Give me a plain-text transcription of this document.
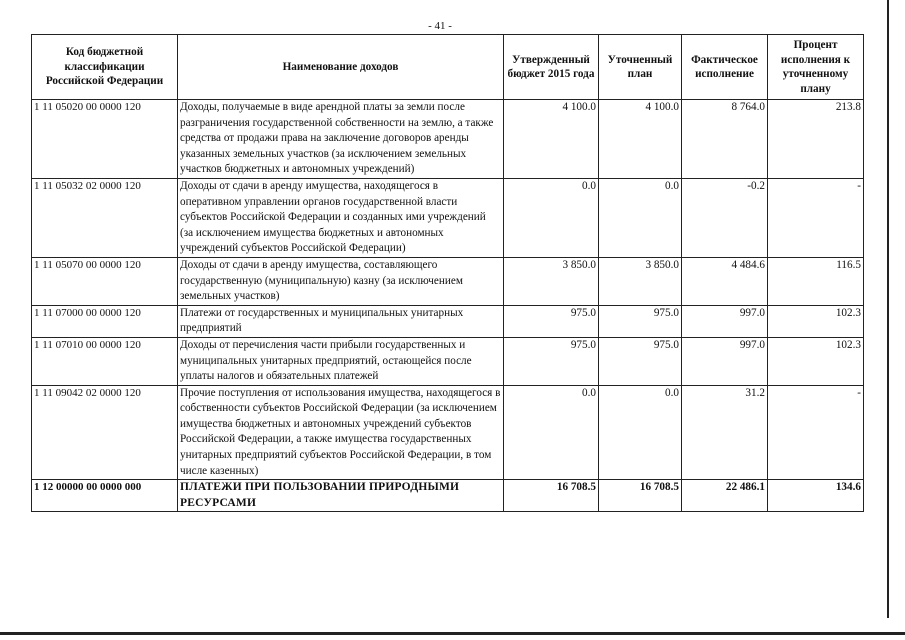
- 41 -
Код бюджетной классификации Российской Федерации	Наименование доходов	Утвержденный бюджет 2015 года	Уточненный план	Фактическое исполнение	Процент исполнения к уточненному плану
1 11 05020 00 0000 120	Доходы, получаемые в виде арендной платы за земли после разграничения государственной собственности на землю, а также средства от продажи права на заключение договоров аренды указанных земельных участков (за исключением земельных участков бюджетных и автономных учреждений)	4 100.0	4 100.0	8 764.0	213.8
1 11 05032 02 0000 120	Доходы от сдачи в аренду имущества, находящегося в оперативном управлении органов государственной власти субъектов Российской Федерации и созданных ими учреждений (за исключением имущества бюджетных и автономных учреждений субъектов Российской Федерации)	0.0	0.0	-0.2	-
1 11 05070 00 0000 120	Доходы от сдачи в аренду имущества, составляющего государственную (муниципальную) казну (за исключением земельных участков)	3 850.0	3 850.0	4 484.6	116.5
1 11 07000 00 0000 120	Платежи от государственных и муниципальных унитарных предприятий	975.0	975.0	997.0	102.3
1 11 07010 00 0000 120	Доходы от перечисления части прибыли государственных и муниципальных унитарных предприятий, остающейся после уплаты налогов и обязательных платежей	975.0	975.0	997.0	102.3
1 11 09042 02 0000 120	Прочие поступления от использования имущества, находящегося в собственности субъектов Российской Федерации (за исключением имущества бюджетных и автономных учреждений субъектов Российской Федерации, а также имущества государственных унитарных предприятий субъектов Российской Федерации, в том числе казенных)	0.0	0.0	31.2	-
1 12 00000 00 0000 000	ПЛАТЕЖИ ПРИ ПОЛЬЗОВАНИИ ПРИРОДНЫМИ РЕСУРСАМИ	16 708.5	16 708.5	22 486.1	134.6
